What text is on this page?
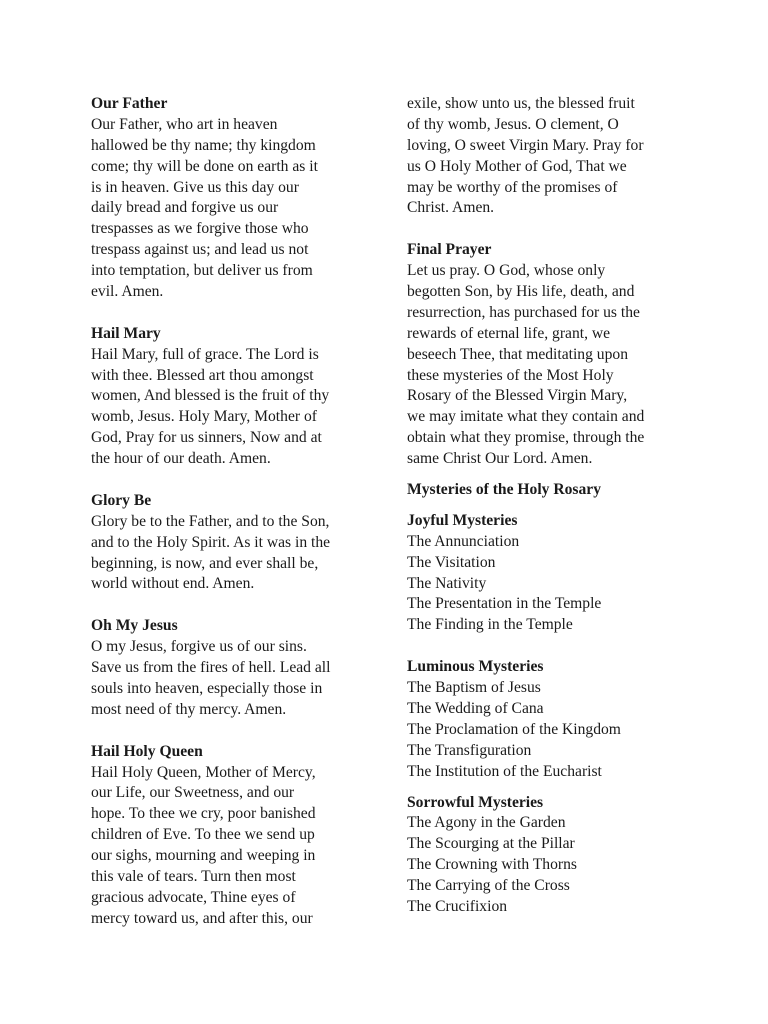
Our Father
Our Father, who art in heaven
hallowed be thy name; thy kingdom
come; thy will be done on earth as it
is in heaven. Give us this day our
daily bread and forgive us our
trespasses as we forgive those who
trespass against us; and lead us not
into temptation, but deliver us from
evil. Amen.
Hail Mary
Hail Mary, full of grace. The Lord is
with thee. Blessed art thou amongst
women, And blessed is the fruit of thy
womb, Jesus. Holy Mary, Mother of
God, Pray for us sinners, Now and at
the hour of our death. Amen.
Glory Be
Glory be to the Father, and to the Son,
and to the Holy Spirit. As it was in the
beginning, is now, and ever shall be,
world without end. Amen.
Oh My Jesus
O my Jesus, forgive us of our sins.
Save us from the fires of hell. Lead all
souls into heaven, especially those in
most need of thy mercy. Amen.
Hail Holy Queen
Hail Holy Queen, Mother of Mercy,
our Life, our Sweetness, and our
hope. To thee we cry, poor banished
children of Eve. To thee we send up
our sighs, mourning and weeping in
this vale of tears. Turn then most
gracious advocate, Thine eyes of
mercy toward us, and after this, our
exile, show unto us, the blessed fruit
of thy womb, Jesus. O clement, O
loving, O sweet Virgin Mary. Pray for
us O Holy Mother of God, That we
may be worthy of the promises of
Christ. Amen.
Final Prayer
Let us pray. O God, whose only
begotten Son, by His life, death, and
resurrection, has purchased for us the
rewards of eternal life, grant, we
beseech Thee, that meditating upon
these mysteries of the Most Holy
Rosary of the Blessed Virgin Mary,
we may imitate what they contain and
obtain what they promise, through the
same Christ Our Lord. Amen.
Mysteries of the Holy Rosary
Joyful Mysteries
The Annunciation
The Visitation
The Nativity
The Presentation in the Temple
The Finding in the Temple
Luminous Mysteries
The Baptism of Jesus
The Wedding of Cana
The Proclamation of the Kingdom
The Transfiguration
The Institution of the Eucharist
Sorrowful Mysteries
The Agony in the Garden
The Scourging at the Pillar
The Crowning with Thorns
The Carrying of the Cross
The Crucifixion
